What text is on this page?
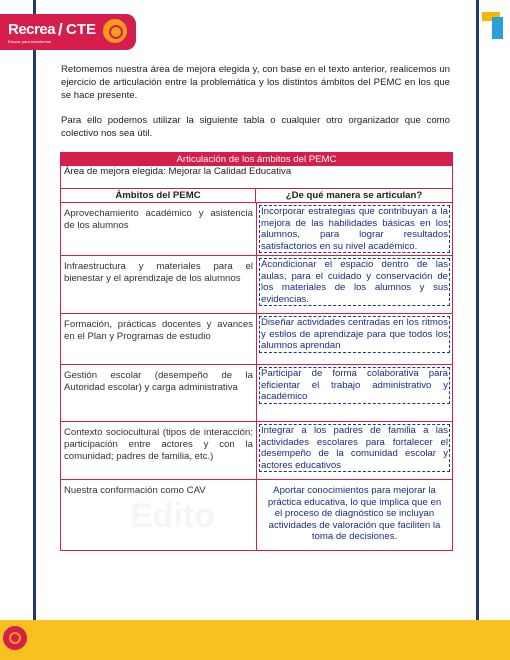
Recrea
Educar para transformar
/ CTE
Edito

Retomemos nuestra área de mejora elegida y, con base en el texto anterior, realicemos un ejercicio de articulación entre la problemática y los distintos ámbitos del PEMC en los que se hace presente.

Para ello podemos utilizar la siguiente tabla o cualquier otro organizador que como colectivo nos sea útil.

Articulación de los ámbitos del PEMC
Área de mejora elegida: Mejorar la Calidad Educativa
Ámbitos del PEMC	¿De qué manera se articulan?
Aprovechamiento académico y asistencia de los alumnos
Incorporar estrategias que contribuyan a la mejora de las habilidades básicas en los alumnos, para lograr resultados satisfactorios en su nivel académico.
Infraestructura y materiales para el bienestar y el aprendizaje de los alumnos
Acondicionar el espacio dentro de las aulas, para el cuidado y conservación de los materiales de los alumnos y sus evidencias.
Formación, prácticas docentes y avances en el Plan y Programas de estudio
Diseñar actividades centradas en los ritmos y estilos de aprendizaje para que todos los alumnos aprendan
Gestión escolar (desempeño de la Autoridad escolar) y carga administrativa
Participar de forma colaborativa para eficientar el trabajo administrativo y académico
Contexto sociocultural (tipos de interacción; participación entre actores y con la comunidad; padres de familia, etc.)
Integrar a los padres de familia a las actividades escolares para fortalecer el desempeño de la comunidad escolar y actores educativos
Nuestra conformación como CAV	Aportar conocimientos para mejorar la práctica educativa, lo que implica que en el proceso de diagnóstico se incluyan actividades de valoración que faciliten la toma de decisiones.
